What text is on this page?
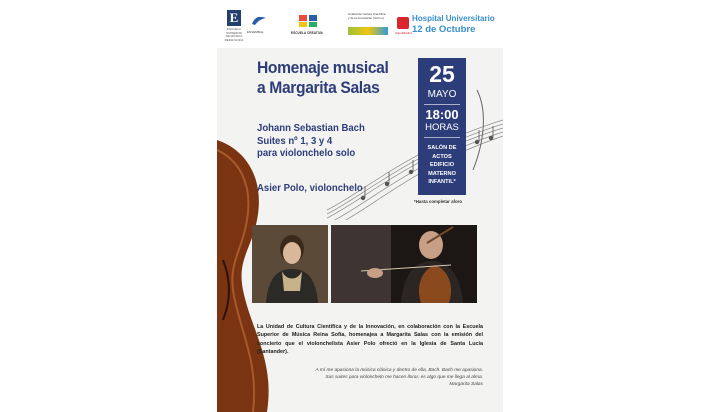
E
ESCUELA SUPERIOR DE MÚSICA REINA SOFÍA
ENSEMBLE	ESCUELA CREATIVA
Unidad de Cultura Científica
y de la Innovación (UCC+i)
SaludMadrid
Hospital Universitario
12 de Octubre
Homenaje musical
a Margarita Salas
Johann Sebastian Bach
Suites nº 1, 3 y 4
para violonchelo solo
Asier Polo, violonchelo
25
MAYO
18:00
HORAS
SALÓN DE
ACTOS
EDIFICIO
MATERNO
INFANTIL*
*Hasta completar aforo
La Unidad de Cultura Científica y de la Innovación, en colaboración con la Escuela Superior de Música Reina Sofía, homenajea a Margarita Salas con la emisión del concierto que el violonchelista Asier Polo ofreció en la Iglesia de Santa Lucía (Santander).
A mí me apasiona la música clásica y dentro de ella, Bach. Bach me apasiona.
Sus suites para violonchelo me hacen llorar, es algo que me llega al alma.
Margarita Salas
